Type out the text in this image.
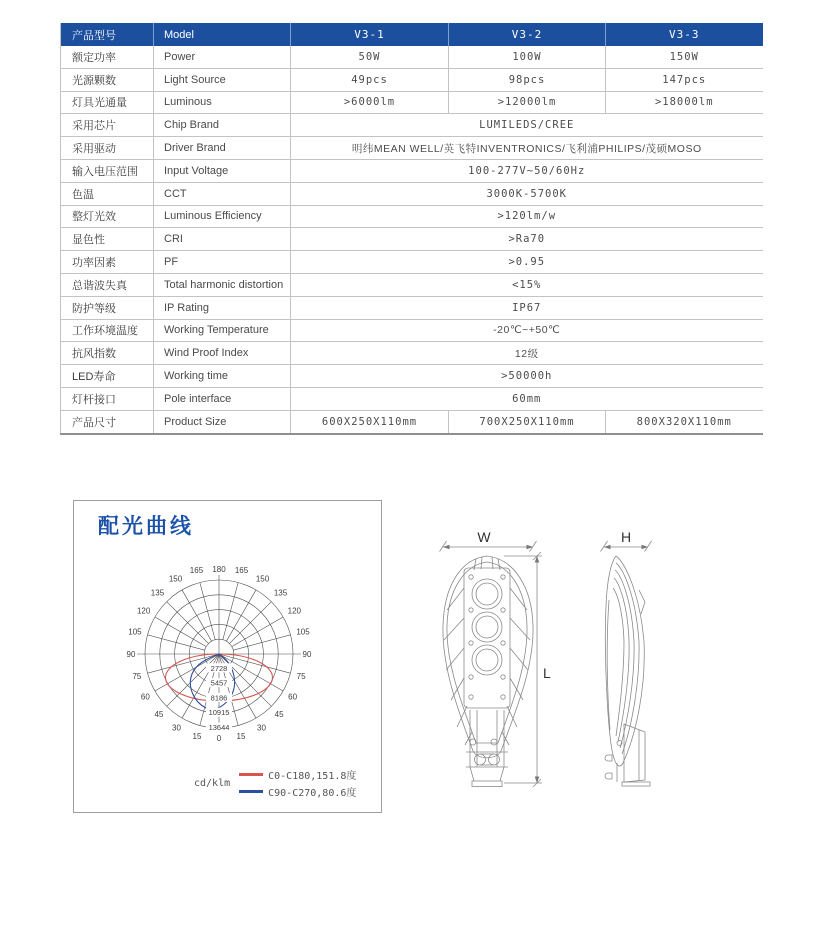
产品型号	Model	V3-1	V3-2	V3-3
额定功率	Power	50W	100W	150W
光源颗数	Light Source	49pcs	98pcs	147pcs
灯具光通量	Luminous	>6000lm	>12000lm	>18000lm
采用芯片	Chip Brand	LUMILEDS/CREE		
采用驱动	Driver Brand	明纬MEAN WELL/英飞特INVENTRONICS/飞利浦PHILIPS/茂硕MOSO		
输入电压范围	Input Voltage	100-277V~50/60Hz		
色温	CCT	3000K-5700K		
整灯光效	Luminous Efficiency	>120lm/w		
显色性	CRI	>Ra70		
功率因素	PF	>0.95		
总谐波失真	Total harmonic distortion	<15%		
防护等级	IP Rating	IP67		
工作环境温度	Working Temperature	-20℃~+50℃		
抗风指数	Wind Proof Index	12级		
LED寿命	Working time	>50000h		
灯杆接口	Pole interface	60mm		
产品尺寸	Product Size	600X250X110mm	700X250X110mm	800X320X110mm
配光曲线
0 15
15
30
30
45
45
60
60
75
75
90
90
105
105
120
120
135
135
150
150
165
165 180
2728
5457
8186
10915
13644
cd/klm
C0-C180,151.8度
C90-C270,80.6度
W
L
H
